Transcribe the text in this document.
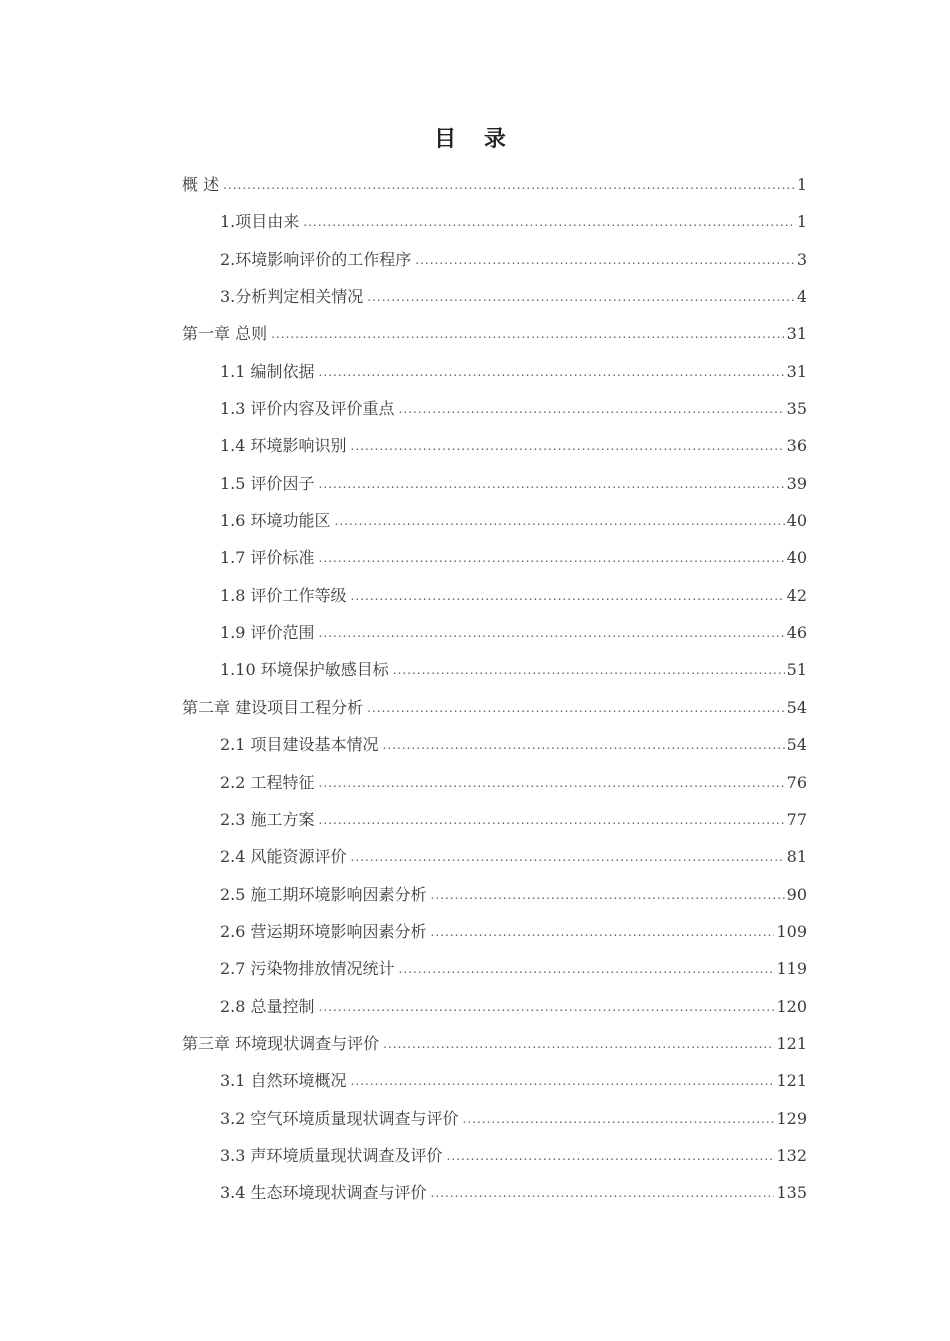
目 录
概 述 .....	1
1.项目由来 .....	1
2.环境影响评价的工作程序 .....	3
3.分析判定相关情况 .....	4
第一章 总则 .....	31
1.1 编制依据 .....	31
1.3 评价内容及评价重点 .....	35
1.4 环境影响识别 .....	36
1.5 评价因子 .....	39
1.6 环境功能区 .....	40
1.7 评价标准 .....	40
1.8 评价工作等级 .....	42
1.9 评价范围 .....	46
1.10 环境保护敏感目标 .....	51
第二章 建设项目工程分析 .....	54
2.1 项目建设基本情况 .....	54
2.2 工程特征 .....	76
2.3 施工方案 .....	77
2.4 风能资源评价 .....	81
2.5 施工期环境影响因素分析 .....	90
2.6 营运期环境影响因素分析 .....	109
2.7 污染物排放情况统计 .....	119
2.8 总量控制 .....	120
第三章 环境现状调查与评价 .....	121
3.1 自然环境概况 .....	121
3.2 空气环境质量现状调查与评价 .....	129
3.3 声环境质量现状调查及评价 .....	132
3.4 生态环境现状调查与评价 .....	135
